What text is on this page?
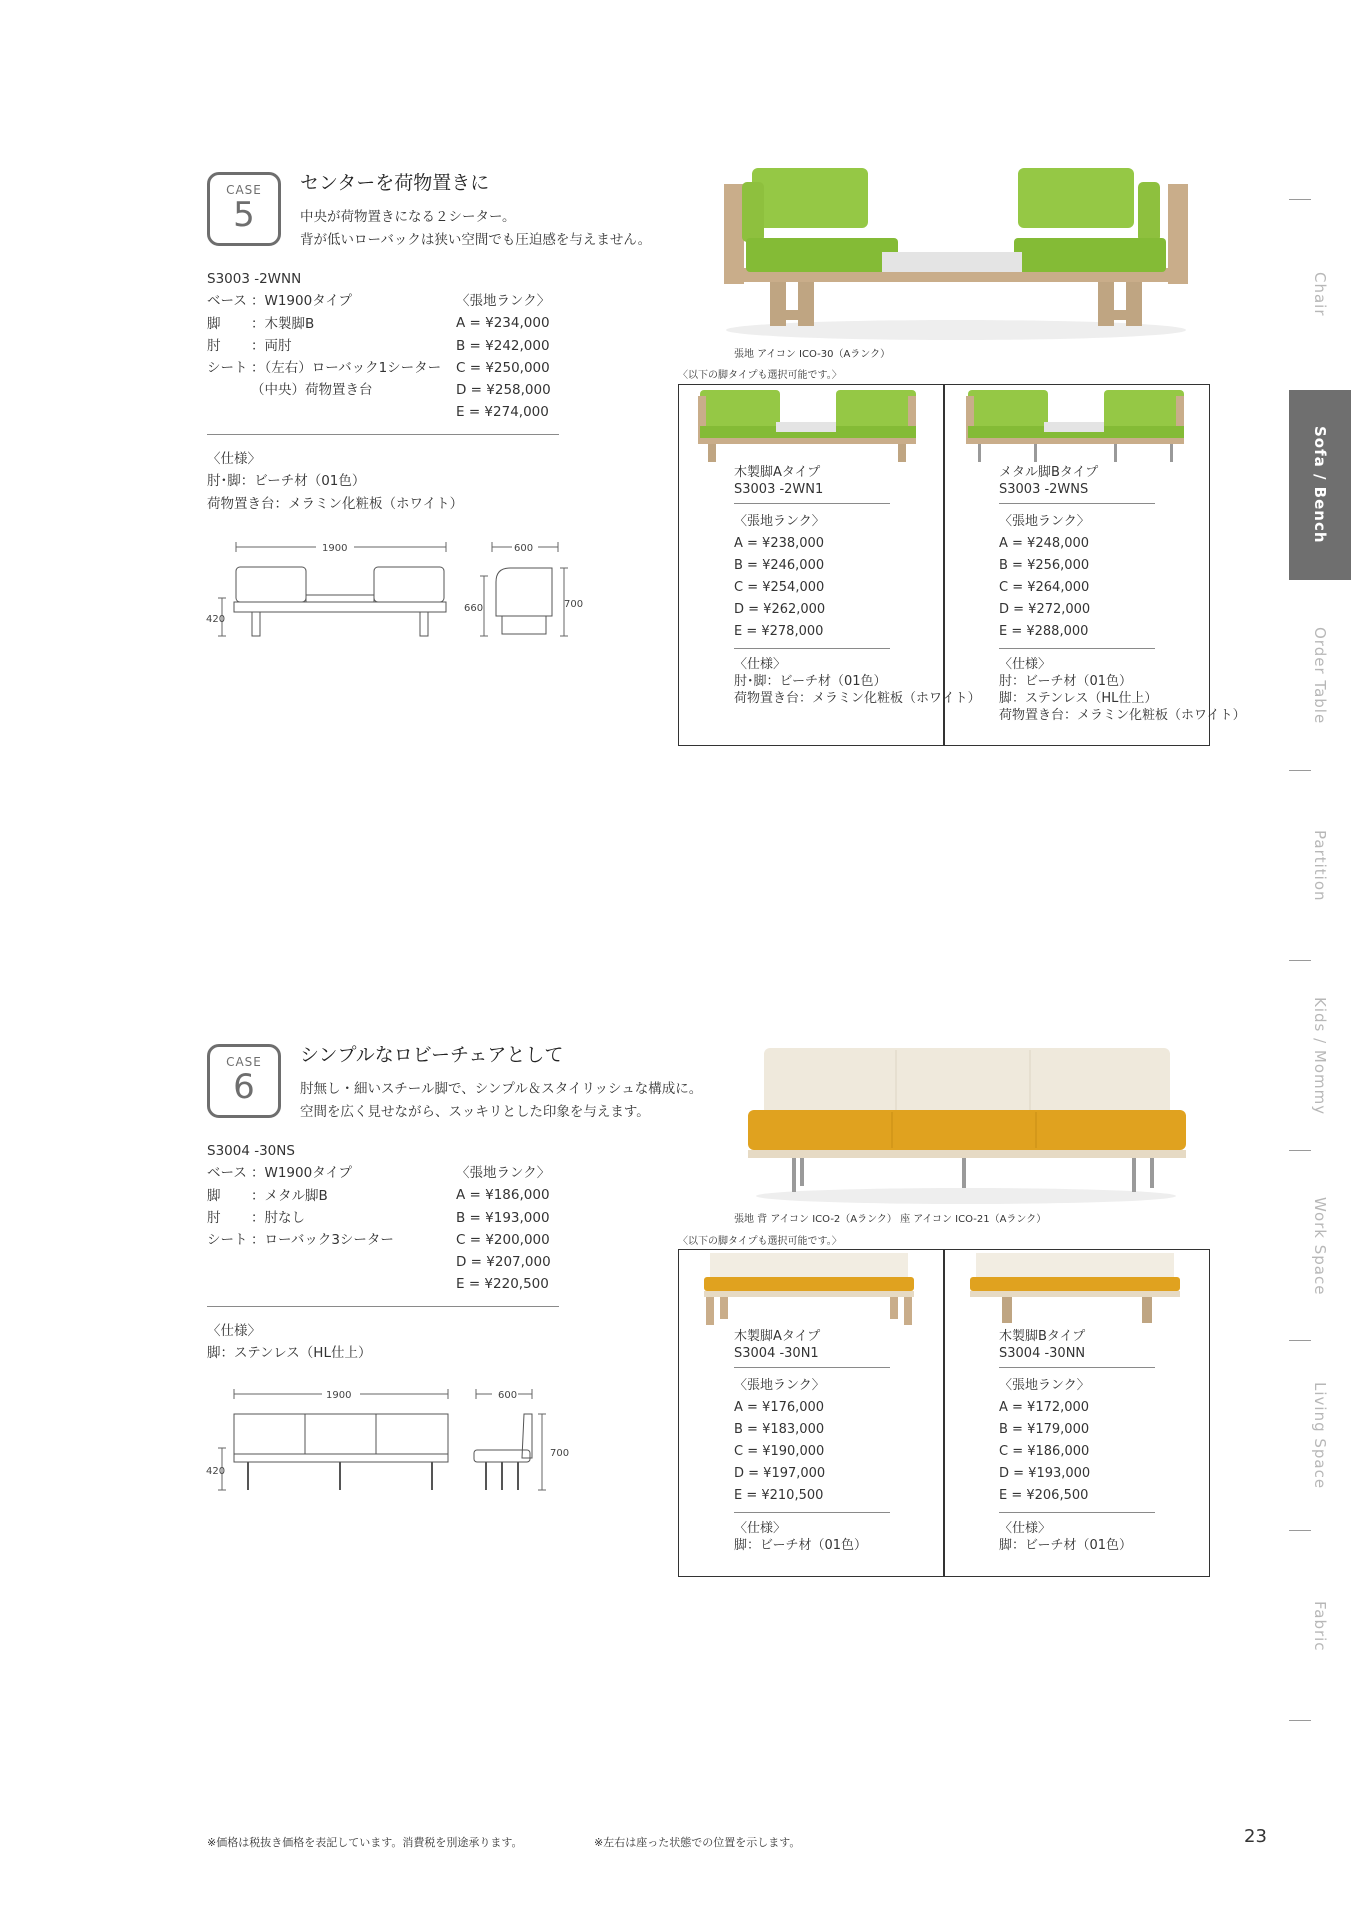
CASE
5
センターを荷物置きに
中央が荷物置きになる２シーター。
背が低いローバックは狭い空間でも圧迫感を与えません。
S3003 -2WNN
ベース ：W1900タイプ
脚	：木製脚B
肘	：両肘
シート ：（左右）ローバック1シーター
（中央）荷物置き台
〈張地ランク〉
A = ¥234,000
B = ¥242,000
C = ¥250,000
D = ¥258,000
E = ¥274,000
〈仕様〉
肘･脚：ビーチ材（01色）
荷物置き台：メラミン化粧板（ホワイト）
1900
420
600
660	700
張地 アイコン ICO-30（Aランク）
〈以下の脚タイプも選択可能です。〉
木製脚Aタイプ
S3003 -2WN1
〈張地ランク〉
A = ¥238,000
B = ¥246,000
C = ¥254,000
D = ¥262,000
E = ¥278,000
〈仕様〉
肘･脚：ビーチ材（01色）
荷物置き台：メラミン化粧板（ホワイト）
メタル脚Bタイプ
S3003 -2WNS
〈張地ランク〉
A = ¥248,000
B = ¥256,000
C = ¥264,000
D = ¥272,000
E = ¥288,000
〈仕様〉
肘：ビーチ材（01色）
脚：ステンレス（HL仕上）
荷物置き台：メラミン化粧板（ホワイト）
CASE
6
シンプルなロビーチェアとして
肘無し・細いスチール脚で、シンプル＆スタイリッシュな構成に。
空間を広く見せながら、スッキリとした印象を与えます。
S3004 -30NS
ベース ：W1900タイプ
脚	：メタル脚B
肘	：肘なし
シート ：ローバック3シーター
〈張地ランク〉
A = ¥186,000
B = ¥193,000
C = ¥200,000
D = ¥207,000
E = ¥220,500
〈仕様〉
脚：ステンレス（HL仕上）
1900
420
600
700
張地 背 アイコン ICO-2（Aランク） 座 アイコン ICO-21（Aランク）
〈以下の脚タイプも選択可能です。〉
木製脚Aタイプ
S3004 -30N1
〈張地ランク〉
A = ¥176,000
B = ¥183,000
C = ¥190,000
D = ¥197,000
E = ¥210,500
〈仕様〉
脚：ビーチ材（01色）
木製脚Bタイプ
S3004 -30NN
〈張地ランク〉
A = ¥172,000
B = ¥179,000
C = ¥186,000
D = ¥193,000
E = ¥206,500
〈仕様〉
脚：ビーチ材（01色）
Chair
Sofa / Bench
Order Table
Partition
Kids / Mommy
Work Space
Living Space
Fabric
※価格は税抜き価格を表記しています。消費税を別途承ります。	※左右は座った状態での位置を示します。	23
